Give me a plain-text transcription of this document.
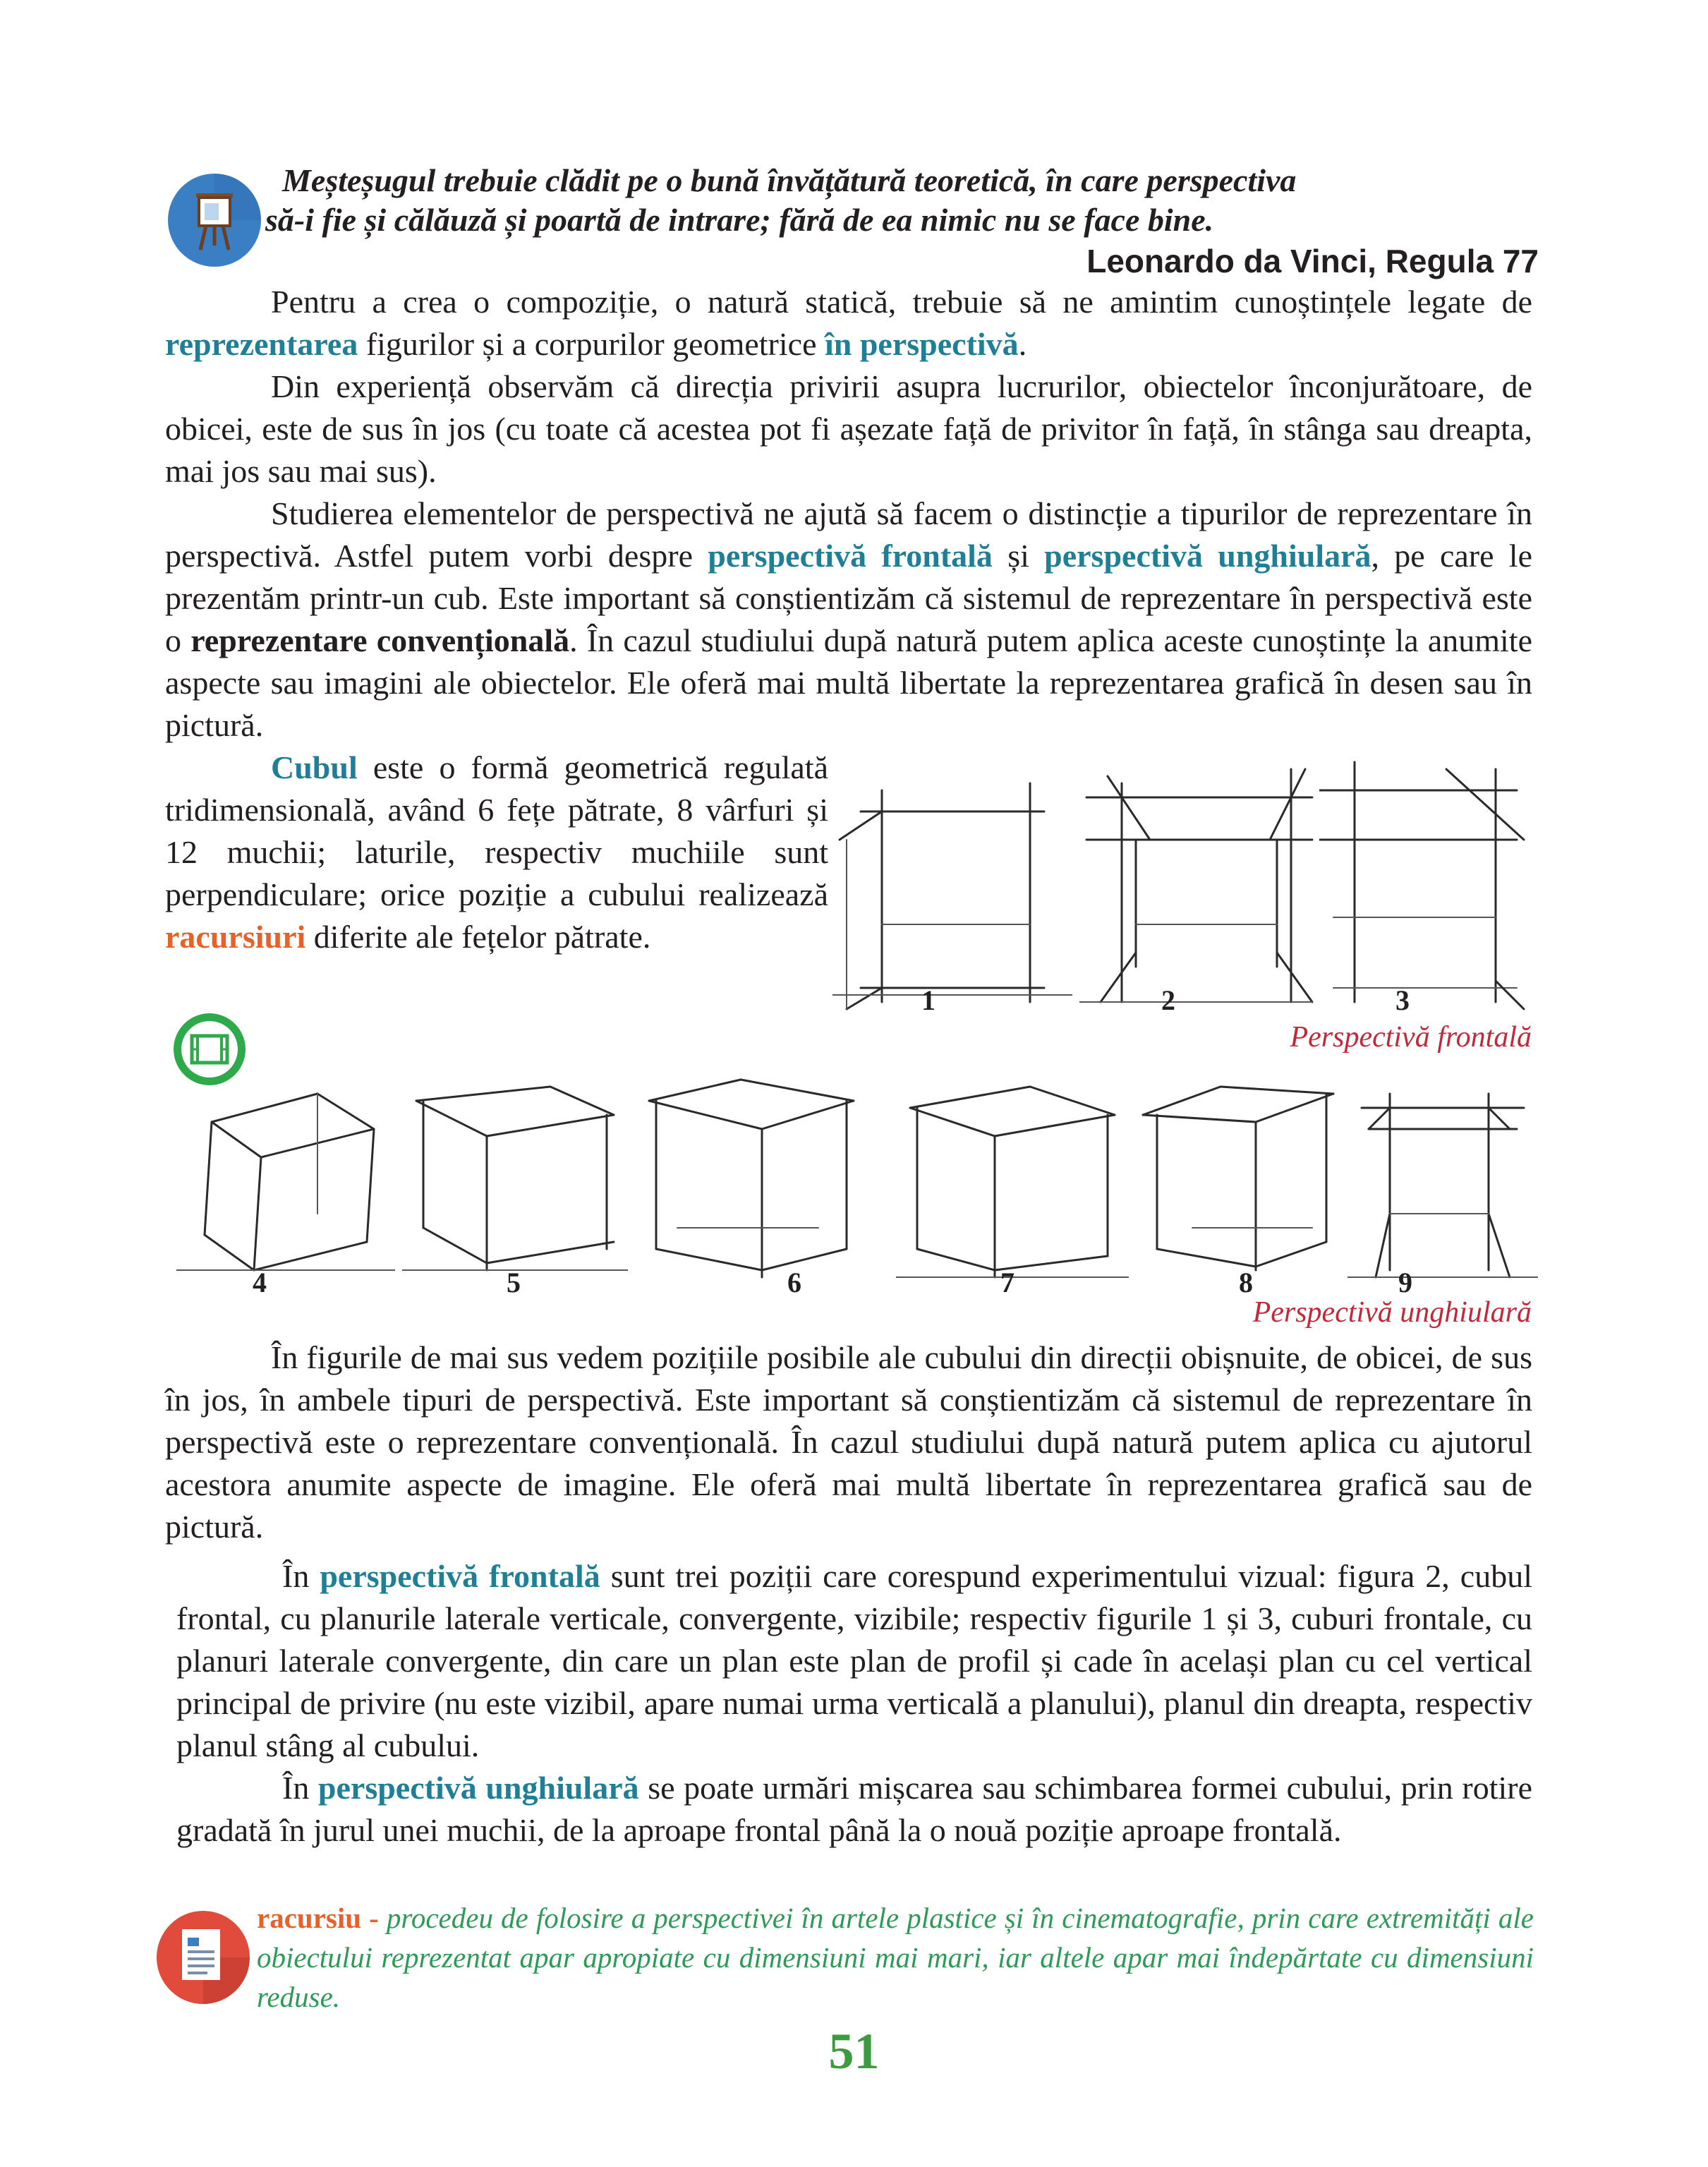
Meșteșugul trebuie clădit pe o bună învățătură teoretică, în care perspectiva
să-i fie și călăuză și poartă de intrare; fără de ea nimic nu se face bine.
Leonardo da Vinci, Regula 77
Pentru a crea o compoziție, o natură statică, trebuie să ne amintim cunoștințele legate de reprezentarea figurilor și a corpurilor geometrice în perspectivă.
Din experiență observăm că direcția privirii asupra lucrurilor, obiectelor înconjurătoare, de obicei, este de sus în jos (cu toate că acestea pot fi așezate față de privitor în față, în stânga sau dreapta, mai jos sau mai sus).
Studierea elementelor de perspectivă ne ajută să facem o distincție a tipurilor de reprezentare în perspectivă. Astfel putem vorbi despre perspectivă frontală și perspectivă unghiulară, pe care le prezentăm printr-un cub. Este important să conștientizăm că sistemul de reprezentare în perspectivă este o reprezentare convențională. În cazul studiului după natură putem aplica aceste cunoștințe la anumite aspecte sau imagini ale obiectelor. Ele oferă mai multă libertate la reprezentarea grafică în desen sau în pictură.
Cubul este o formă geometrică regulată tridimensională, având 6 fețe pătrate, 8 vârfuri și 12 muchii; laturile, respectiv muchiile sunt perpendiculare; orice poziție a cubului realizează racursiuri diferite ale fețelor pătrate.
1	2	3
Perspectivă frontală
4	5	6	7	8	9
Perspectivă unghiulară
În figurile de mai sus vedem pozițiile posibile ale cubului din direcții obișnuite, de obicei, de sus în jos, în ambele tipuri de perspectivă. Este important să conștientizăm că sistemul de reprezentare în perspectivă este o reprezentare convențională. În cazul studiului după natură putem aplica cu ajutorul acestora anumite aspecte de imagine. Ele oferă mai multă libertate în reprezentarea grafică sau de pictură.
În perspectivă frontală sunt trei poziții care corespund experimentului vizual: figura 2, cubul frontal, cu planurile laterale verticale, convergente, vizibile; respectiv figurile 1 și 3, cuburi frontale, cu planuri laterale convergente, din care un plan este plan de profil și cade în același plan cu cel vertical principal de privire (nu este vizibil, apare numai urma verticală a planului), planul din dreapta, respectiv planul stâng al cubului.
În perspectivă unghiulară se poate urmări mișcarea sau schimbarea formei cubului, prin rotire gradată în jurul unei muchii, de la aproape frontal până la o nouă poziție aproape frontală.
racursiu - procedeu de folosire a perspectivei în artele plastice și în cinematografie, prin care extremități ale obiectului reprezentat apar apropiate cu dimensiuni mai mari, iar altele apar mai îndepărtate cu dimensiuni reduse.
51
